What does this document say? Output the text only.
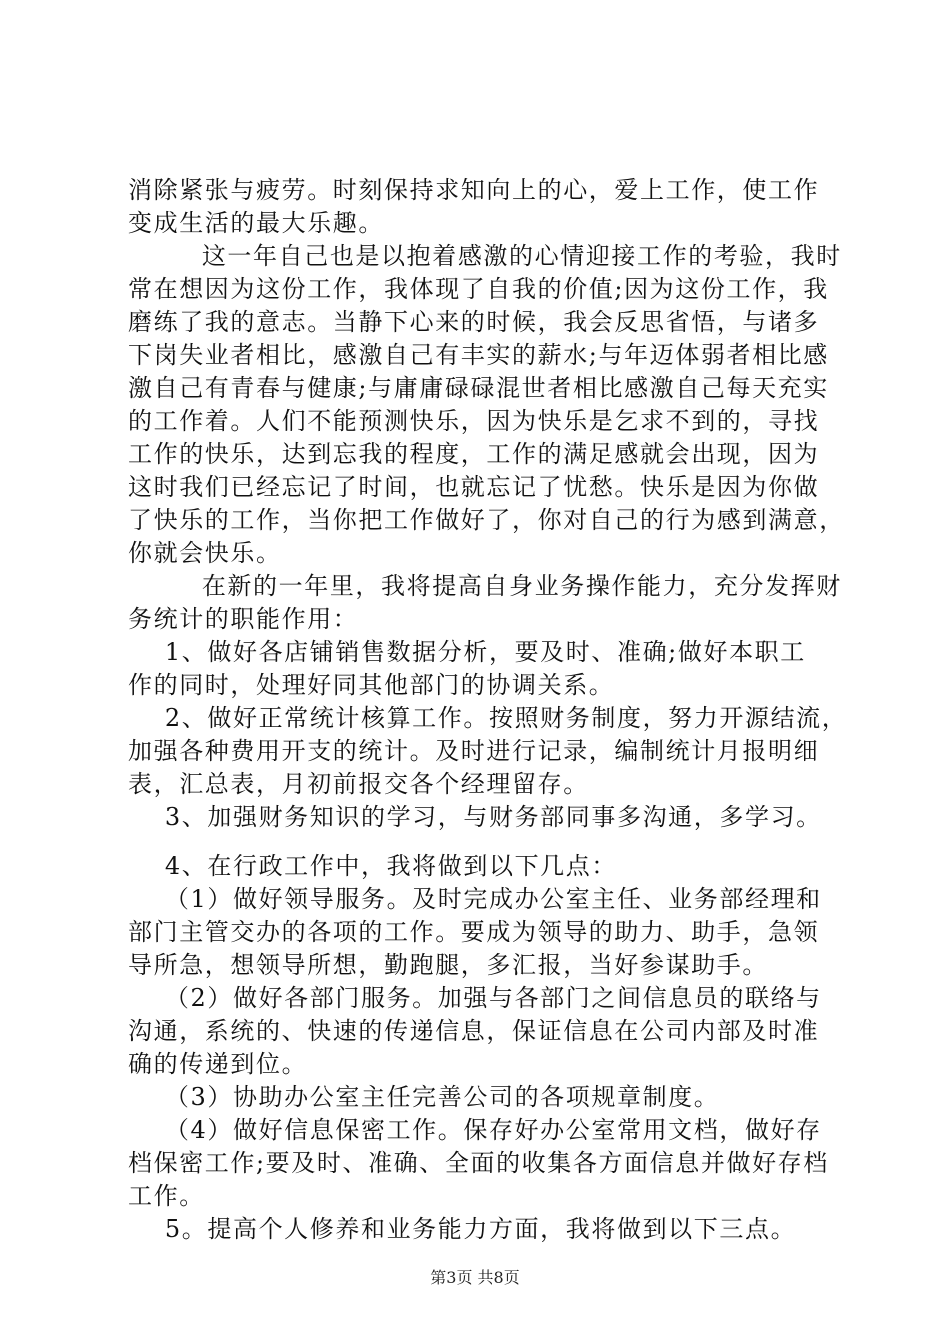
消除紧张与疲劳。时刻保持求知向上的心，爱上工作，使工作

变成生活的最大乐趣。

这一年自己也是以抱着感激的心情迎接工作的考验，我时

常在想因为这份工作，我体现了自我的价值;因为这份工作，我

磨练了我的意志。当静下心来的时候，我会反思省悟，与诸多

下岗失业者相比，感激自己有丰实的薪水;与年迈体弱者相比感

激自己有青春与健康;与庸庸碌碌混世者相比感激自己每天充实

的工作着。人们不能预测快乐，因为快乐是乞求不到的，寻找

工作的快乐，达到忘我的程度，工作的满足感就会出现，因为

这时我们已经忘记了时间，也就忘记了忧愁。快乐是因为你做

了快乐的工作，当你把工作做好了，你对自己的行为感到满意，

你就会快乐。

在新的一年里，我将提高自身业务操作能力，充分发挥财

务统计的职能作用：

1、做好各店铺销售数据分析，要及时、准确;做好本职工

作的同时，处理好同其他部门的协调关系。

2、做好正常统计核算工作。按照财务制度，努力开源结流，

加强各种费用开支的统计。及时进行记录，编制统计月报明细

表，汇总表，月初前报交各个经理留存。

3、加强财务知识的学习，与财务部同事多沟通，多学习。

4、在行政工作中，我将做到以下几点：

（1）做好领导服务。及时完成办公室主任、业务部经理和

部门主管交办的各项的工作。要成为领导的助力、助手，急领

导所急，想领导所想，勤跑腿，多汇报，当好参谋助手。

（2）做好各部门服务。加强与各部门之间信息员的联络与

沟通，系统的、快速的传递信息，保证信息在公司内部及时准

确的传递到位。

（3）协助办公室主任完善公司的各项规章制度。

（4）做好信息保密工作。保存好办公室常用文档，做好存

档保密工作;要及时、准确、全面的收集各方面信息并做好存档

工作。

5。提高个人修养和业务能力方面，我将做到以下三点。

第3页 共8页
